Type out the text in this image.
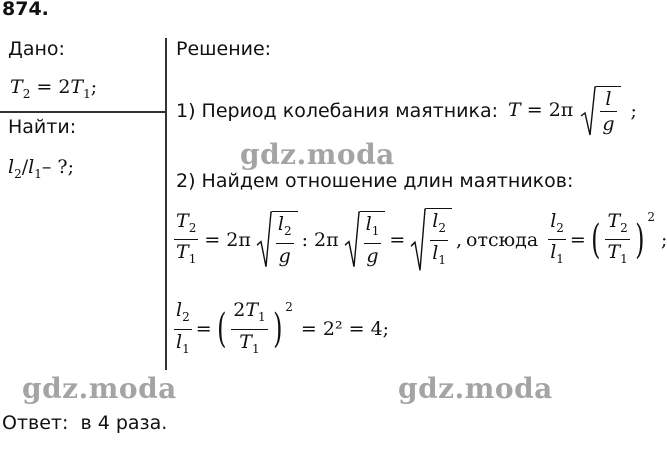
874.
Дано:
$T_2 = 2T_1$;
Найти:
$l_2/l_1-$ ?;
Решение:
1) Период колебания маятника: $T = 2\pi \frac{l}{g}$ ;
gdz.moda
2) Найдем отношение длин маятников:
$\frac{T_2}{T_1} = 2\pi \frac{l_2}{g}$ : $2\pi \frac{l_1}{g} = \frac{l_2}{l_1}$ , отсюда $\frac{l_2}{l_1}$ = ( $\frac{T_2}{T_1}$ ) $^2$
;
$\frac{l_2}{l_1}$ = ( $\frac{2T_1}{T_1}$ ) $^2$
= 2² = 4;
gdz.moda	gdz.moda
Ответ:  в 4 раза.
